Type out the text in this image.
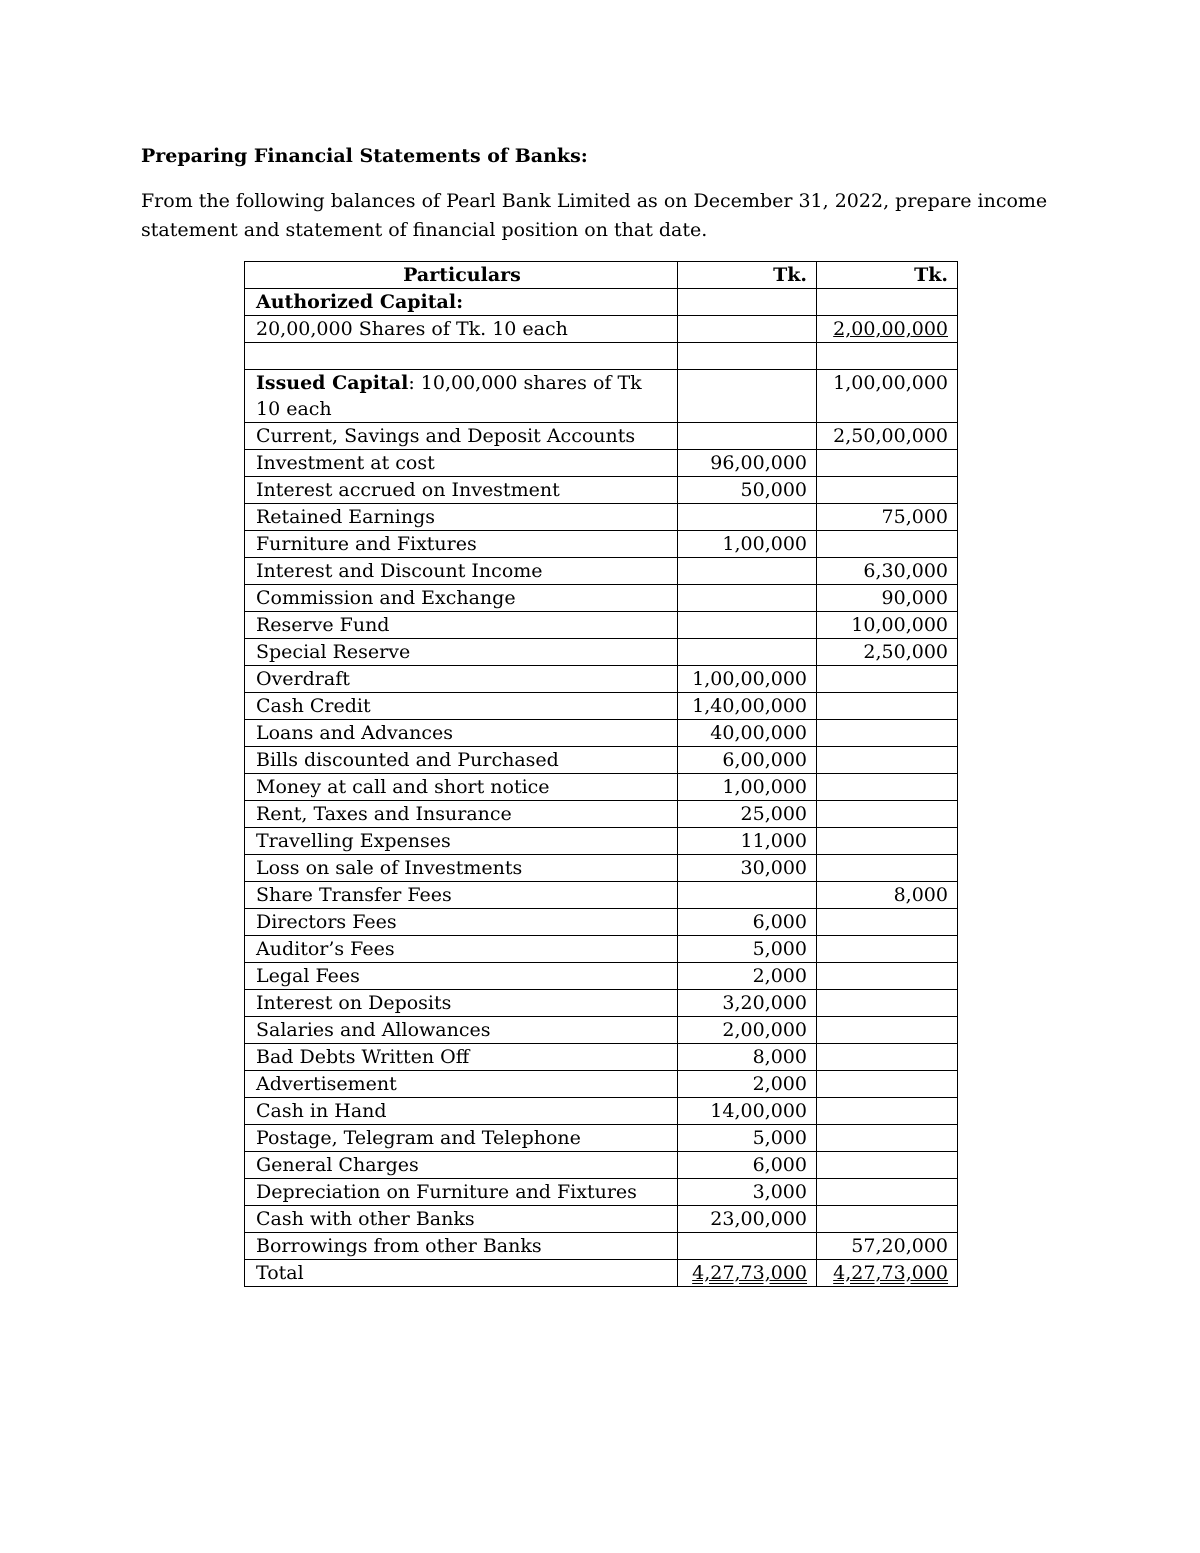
Preparing Financial Statements of Banks:

From the following balances of Pearl Bank Limited as on December 31, 2022, prepare income statement and statement of financial position on that date.

Particulars	Tk.	Tk.
Authorized Capital:		
20,00,000 Shares of Tk. 10 each		2,00,00,000

Issued Capital: 10,00,000 shares of Tk 10 each		1,00,00,000
Current, Savings and Deposit Accounts		2,50,00,000
Investment at cost	96,00,000	
Interest accrued on Investment	50,000	
Retained Earnings		75,000
Furniture and Fixtures	1,00,000	
Interest and Discount Income		6,30,000
Commission and Exchange		90,000
Reserve Fund		10,00,000
Special Reserve		2,50,000
Overdraft	1,00,00,000	
Cash Credit	1,40,00,000	
Loans and Advances	40,00,000	
Bills discounted and Purchased	6,00,000	
Money at call and short notice	1,00,000	
Rent, Taxes and Insurance	25,000	
Travelling Expenses	11,000	
Loss on sale of Investments	30,000	
Share Transfer Fees		8,000
Directors Fees	6,000	
Auditor’s Fees	5,000	
Legal Fees	2,000	
Interest on Deposits	3,20,000	
Salaries and Allowances	2,00,000	
Bad Debts Written Off	8,000	
Advertisement	2,000	
Cash in Hand	14,00,000	
Postage, Telegram and Telephone	5,000	
General Charges	6,000	
Depreciation on Furniture and Fixtures	3,000	
Cash with other Banks	23,00,000	
Borrowings from other Banks		57,20,000
Total	4,27,73,000	4,27,73,000
